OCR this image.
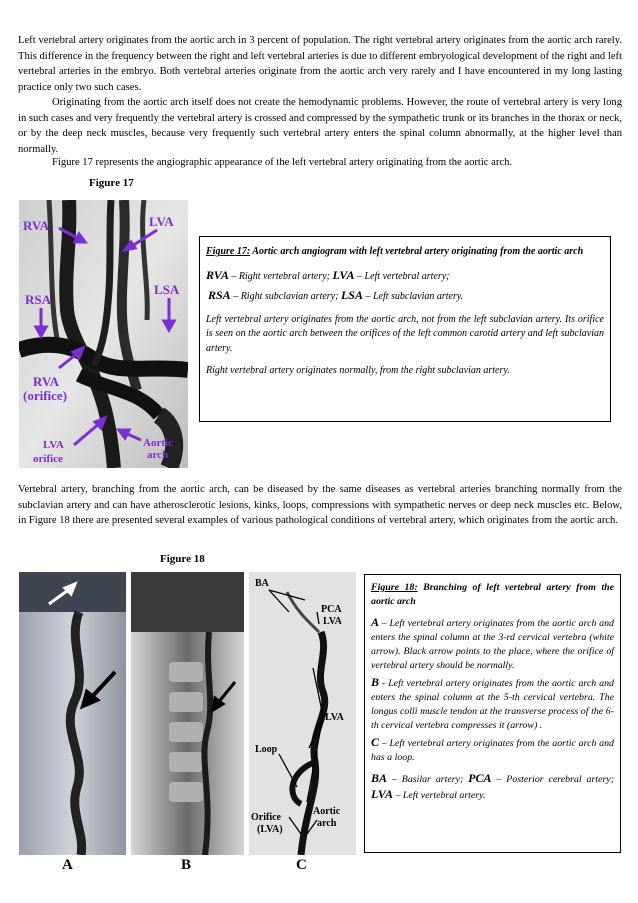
Left vertebral artery originates from the aortic arch in 3 percent of population. The right vertebral artery originates from the aortic arch rarely. This difference in the frequency between the right and left vertebral arteries is due to different embryological development of the right and left vertebral arteries in the embryo. Both vertebral arteries originate from the aortic arch very rarely and I have encountered in my long lasting practice only two such cases.

Originating from the aortic arch itself does not create the hemodynamic problems. However, the route of vertebral artery is very long in such cases and very frequently the vertebral artery is crossed and compressed by the sympathetic trunk or its branches in the thorax or neck, or by the deep neck muscles, because very frequently such vertebral artery enters the spinal column abnormally, at the higher level than normally.

Figure 17 represents the angiographic appearance of the left vertebral artery originating from the aortic arch.

Figure 17
RVA	LVA
RSA
LSA
RVA
(orifice)
LVA
orifice
Aortic
arch

Figure 17: Aortic arch angiogram with left vertebral artery originating from the aortic arch

RVA – Right vertebral artery; LVA – Left vertebral artery;

RSA – Right subclavian artery; LSA – Left subclavian artery.

Left vertebral artery originates from the aortic arch, not from the left subclavian artery. Its orifice is seen on the aortic arch between the orifices of the left common carotid artery and left subclavian artery.

Right vertebral artery originates normally, from the right subclavian artery.

Vertebral artery, branching from the aortic arch, can be diseased by the same diseases as vertebral arteries branching normally from the subclavian artery and can have atherosclerotic lesions, kinks, loops, compressions with sympathetic nerves or deep neck muscles etc. Below, in Figure 18 there are presented several examples of various pathological conditions of vertebral artery, which originates from the aortic arch.

Figure 18
BA
PCA
LVA
LVA
Loop
Orifice
(LVA)
Aortic
arch
A	B	C

Figure 18: Branching of left vertebral artery from the aortic arch

A – Left vertebral artery originates from the aortic arch and enters the spinal column at the 3-rd cervical vertebra (white arrow). Black arrow points to the place, where the orifice of vertebral artery should be normally.

B - Left vertebral artery originates from the aortic arch and enters the spinal column at the 5-th cervical vertebra. The longus colli muscle tendon at the transverse process of the 6-th cervical vertebra compresses it (arrow) .

C – Left vertebral artery originates from the aortic arch and has a loop.

BA – Basilar artery; PCA – Posterior cerebral artery; LVA – Left vertebral artery.
